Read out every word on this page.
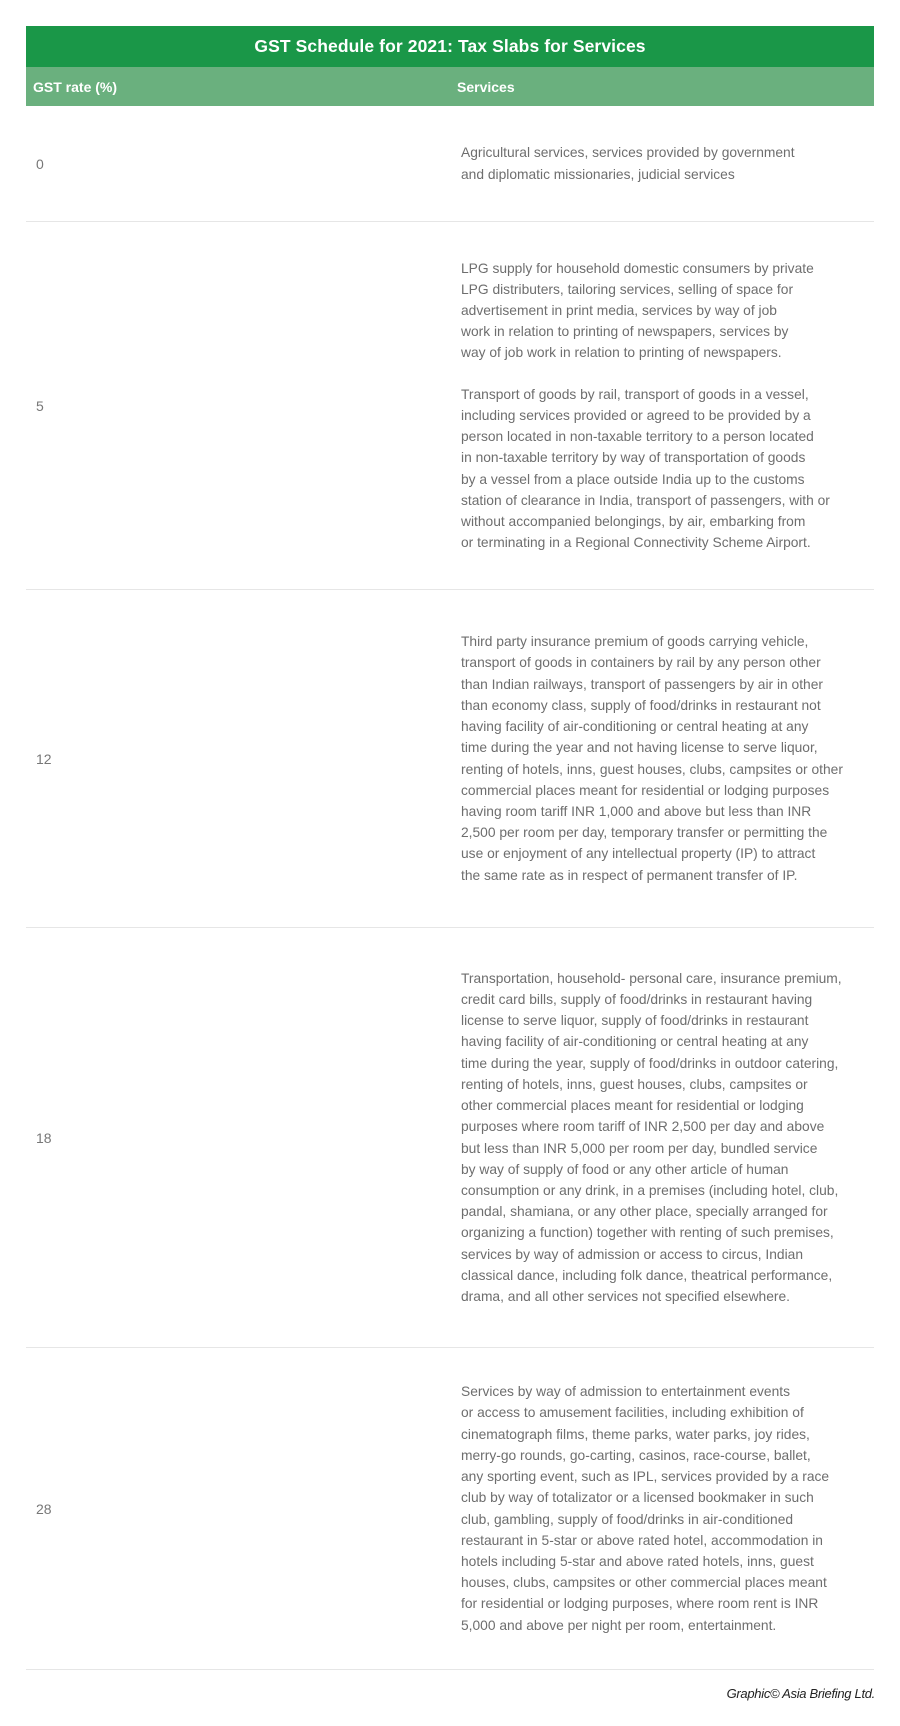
GST Schedule for 2021: Tax Slabs for Services
GST rate (%)	Services
0

Agricultural services, services provided by government
and diplomatic missionaries, judicial services

5

LPG supply for household domestic consumers by private
LPG distributers, tailoring services, selling of space for
advertisement in print media, services by way of job
work in relation to printing of newspapers, services by
way of job work in relation to printing of newspapers.

Transport of goods by rail, transport of goods in a vessel,
including services provided or agreed to be provided by a
person located in non-taxable territory to a person located
in non-taxable territory by way of transportation of goods
by a vessel from a place outside India up to the customs
station of clearance in India, transport of passengers, with or
without accompanied belongings, by air, embarking from
or terminating in a Regional Connectivity Scheme Airport.

12

Third party insurance premium of goods carrying vehicle,
transport of goods in containers by rail by any person other
than Indian railways, transport of passengers by air in other
than economy class, supply of food/drinks in restaurant not
having facility of air-conditioning or central heating at any
time during the year and not having license to serve liquor,
renting of hotels, inns, guest houses, clubs, campsites or other
commercial places meant for residential or lodging purposes
having room tariff INR 1,000 and above but less than INR
2,500 per room per day, temporary transfer or permitting the
use or enjoyment of any intellectual property (IP) to attract
the same rate as in respect of permanent transfer of IP.

18

Transportation, household- personal care, insurance premium,
credit card bills, supply of food/drinks in restaurant having
license to serve liquor, supply of food/drinks in restaurant
having facility of air-conditioning or central heating at any
time during the year, supply of food/drinks in outdoor catering,
renting of hotels, inns, guest houses, clubs, campsites or
other commercial places meant for residential or lodging
purposes where room tariff of INR 2,500 per day and above
but less than INR 5,000 per room per day, bundled service
by way of supply of food or any other article of human
consumption or any drink, in a premises (including hotel, club,
pandal, shamiana, or any other place, specially arranged for
organizing a function) together with renting of such premises,
services by way of admission or access to circus, Indian
classical dance, including folk dance, theatrical performance,
drama, and all other services not specified elsewhere.

28

Services by way of admission to entertainment events
or access to amusement facilities, including exhibition of
cinematograph films, theme parks, water parks, joy rides,
merry-go rounds, go-carting, casinos, race-course, ballet,
any sporting event, such as IPL, services provided by a race
club by way of totalizator or a licensed bookmaker in such
club, gambling, supply of food/drinks in air-conditioned
restaurant in 5-star or above rated hotel, accommodation in
hotels including 5-star and above rated hotels, inns, guest
houses, clubs, campsites or other commercial places meant
for residential or lodging purposes, where room rent is INR
5,000 and above per night per room, entertainment.

Graphic© Asia Briefing Ltd.
